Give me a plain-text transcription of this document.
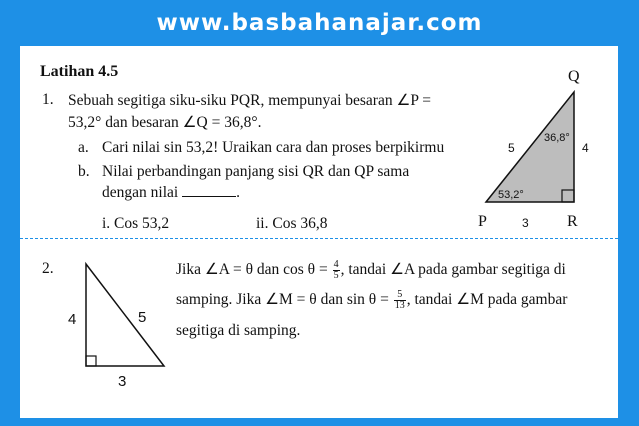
www.basbahanajar.com
Latihan 4.5
1. Sebuah segitiga siku-siku PQR, mempunyai besaran ∠P =
53,2° dan besaran ∠Q = 36,8°.
a. Cari nilai sin 53,2! Uraikan cara dan proses berpikirmu
b. Nilai perbandingan panjang sisi QR dan QP sama
dengan nilai	.
i. Cos 53,2	ii. Cos 36,8
Q
P	R
36,8°
53,2°
5	4
3
2.
4	5
3
Jika ∠A = θ dan $\cos \theta = \frac{4}{5}$ , tandai ∠A pada gambar segitiga di
samping. Jika ∠M = θ dan $\sin \theta = \frac{5}{13}$ , tandai ∠M pada gambar
segitiga di samping.
